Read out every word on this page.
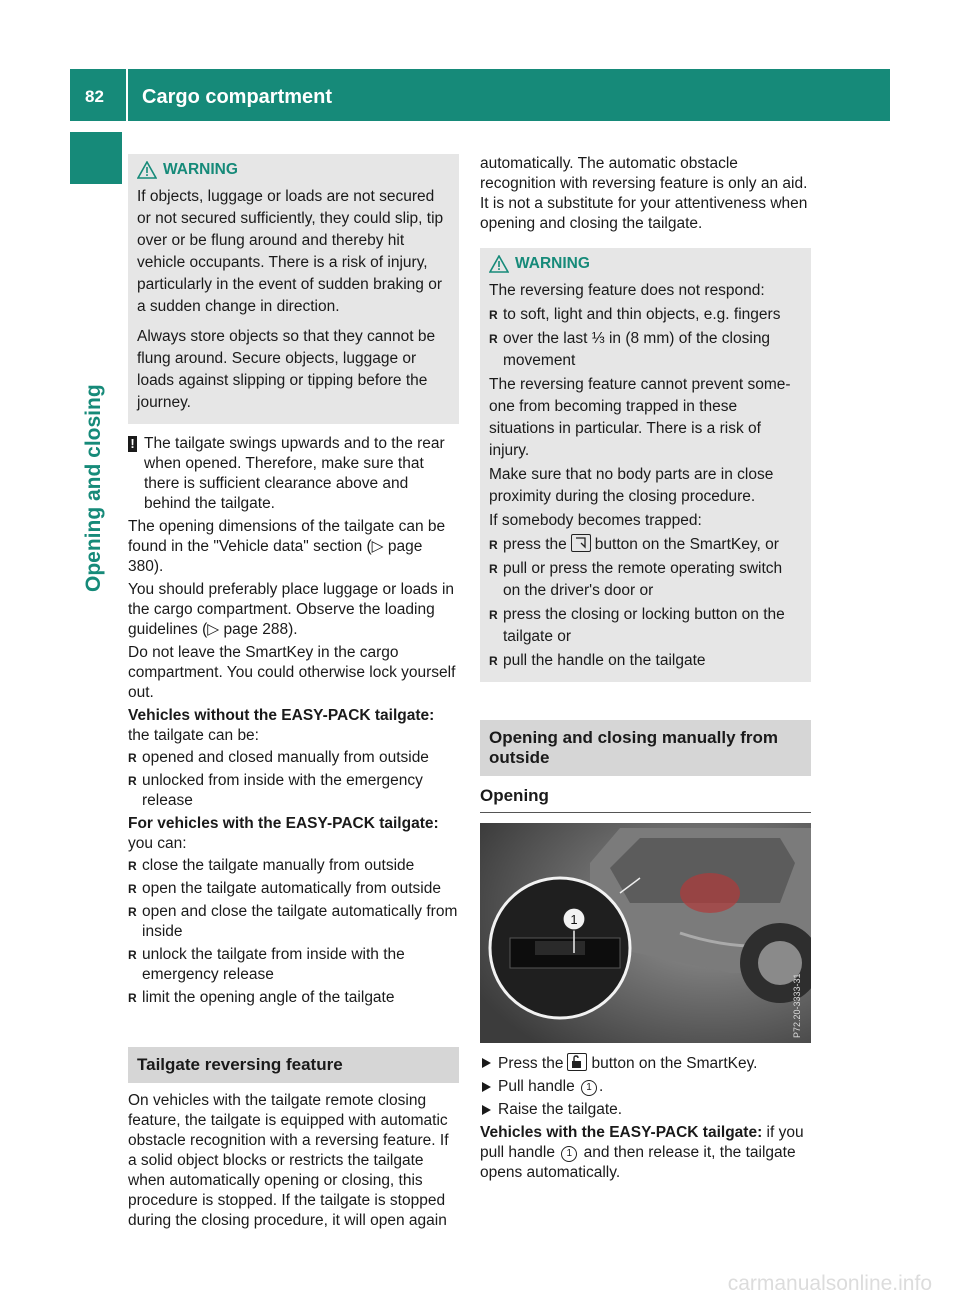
82 Cargo compartment
Opening and closing
WARNING

If objects, luggage or loads are not secured or not secured sufficiently, they could slip, tip over or be flung around and thereby hit vehicle occupants. There is a risk of injury, particularly in the event of sudden braking or a sudden change in direction.

Always store objects so that they cannot be flung around. Secure objects, luggage or loads against slipping or tipping before the journey.

! The tailgate swings upwards and to the rear when opened. Therefore, make sure that there is sufficient clearance above and behind the tailgate.

The opening dimensions of the tailgate can be found in the "Vehicle data" section (▷ page 380).

You should preferably place luggage or loads in the cargo compartment. Observe the loading guidelines (▷ page 288).

Do not leave the SmartKey in the cargo compartment. You could otherwise lock yourself out.

Vehicles without the EASY-PACK tailgate:

the tailgate can be:

R opened and closed manually from outside
R unlocked from inside with the emergency release

For vehicles with the EASY-PACK tailgate:

you can:

R close the tailgate manually from outside
R open the tailgate automatically from outside
R open and close the tailgate automatically from inside
R unlock the tailgate from inside with the emergency release
R limit the opening angle of the tailgate
Tailgate reversing feature

On vehicles with the tailgate remote closing feature, the tailgate is equipped with automatic obstacle recognition with a reversing feature. If a solid object blocks or restricts the tailgate when automatically opening or closing, this procedure is stopped. If the tailgate is stopped during the closing procedure, it will open again

automatically. The automatic obstacle recognition with reversing feature is only an aid. It is not a substitute for your attentiveness when opening and closing the tailgate.

WARNING

The reversing feature does not respond:

R to soft, light and thin objects, e.g. fingers
R over the last ⅓ in (8 mm) of the closing movement

The reversing feature cannot prevent some-one from becoming trapped in these situations in particular. There is a risk of injury.

Make sure that no body parts are in close proximity during the closing procedure.

If somebody becomes trapped:

R press the button on the SmartKey, or
R pull or press the remote operating switch on the driver's door or
R press the closing or locking button on the tailgate or
R pull the handle on the tailgate
Opening and closing manually from outside
Opening
1
P72.20-3333-31
Press the button on the SmartKey.
Pull handle 1 .
Raise the tailgate.

Vehicles with the EASY-PACK tailgate: if you pull handle 1 and then release it, the tailgate opens automatically.

carmanualsonline.info
